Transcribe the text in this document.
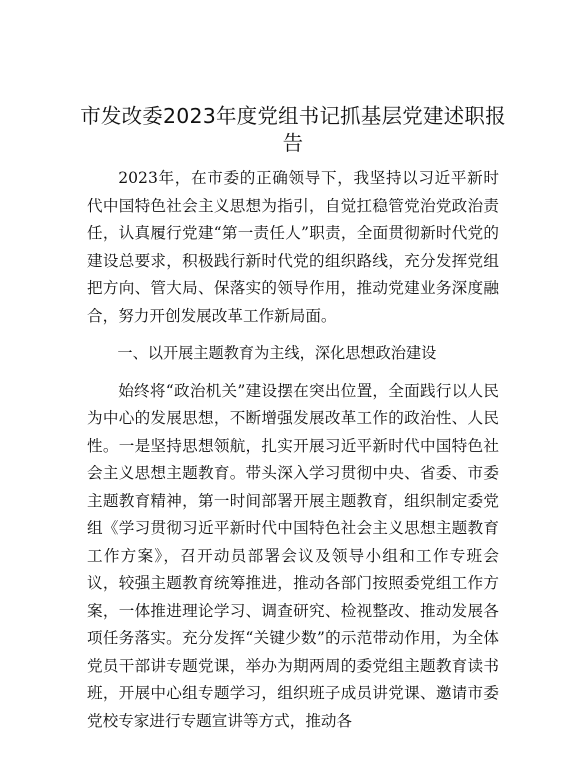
市发改委2023年度党组书记抓基层党建述职报告

2023年，在市委的正确领导下，我坚持以习近平新时代中国特色社会主义思想为指引，自觉扛稳管党治党政治责任，认真履行党建“第一责任人”职责，全面贯彻新时代党的建设总要求，积极践行新时代党的组织路线，充分发挥党组把方向、管大局、保落实的领导作用，推动党建业务深度融合，努力开创发展改革工作新局面。

一、以开展主题教育为主线，深化思想政治建设

始终将“政治机关”建设摆在突出位置，全面践行以人民为中心的发展思想，不断增强发展改革工作的政治性、人民性。一是坚持思想领航，扎实开展习近平新时代中国特色社会主义思想主题教育。带头深入学习贯彻中央、省委、市委主题教育精神，第一时间部署开展主题教育，组织制定委党组《学习贯彻习近平新时代中国特色社会主义思想主题教育工作方案》，召开动员部署会议及领导小组和工作专班会议，较强主题教育统筹推进，推动各部门按照委党组工作方案，一体推进理论学习、调查研究、检视整改、推动发展各项任务落实。充分发挥“关键少数”的示范带动作用，为全体党员干部讲专题党课，举办为期两周的委党组主题教育读书班，开展中心组专题学习，组织班子成员讲党课、邀请市委党校专家进行专题宣讲等方式，推动各
